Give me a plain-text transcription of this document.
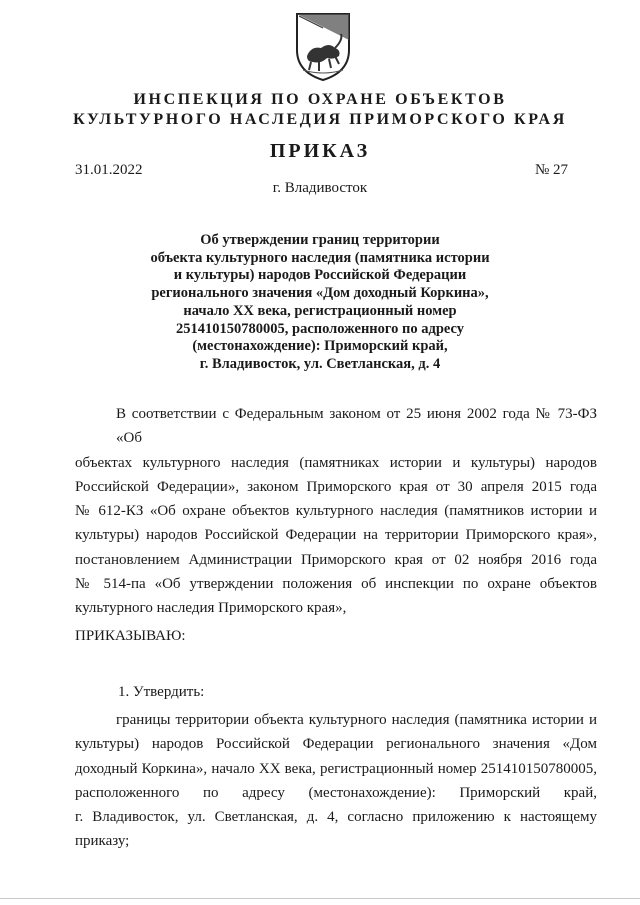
ИНСПЕКЦИЯ ПО ОХРАНЕ ОБЪЕКТОВ
КУЛЬТУРНОГО НАСЛЕДИЯ ПРИМОРСКОГО КРАЯ
ПРИКАЗ
31.01.2022	№ 27
г. Владивосток
Об утверждении границ территории
объекта культурного наследия (памятника истории
и культуры) народов Российской Федерации
регионального значения «Дом доходный Коркина»,
начало XX века, регистрационный номер
251410150780005, расположенного по адресу
(местонахождение): Приморский край,
г. Владивосток, ул. Светланская, д. 4
В соответствии с Федеральным законом от 25 июня 2002 года № 73-ФЗ «Об
объектах культурного наследия (памятниках истории и культуры) народов
Российской Федерации», законом Приморского края от 30 апреля 2015 года
№ 612-КЗ «Об охране объектов культурного наследия (памятников истории и
культуры) народов Российской Федерации на территории Приморского края»,
постановлением Администрации Приморского края от 02 ноября 2016 года
№ 514-па «Об утверждении положения об инспекции по охране объектов
культурного наследия Приморского края»,
ПРИКАЗЫВАЮ:
1. Утвердить:
границы территории объекта культурного наследия (памятника истории и
культуры) народов Российской Федерации регионального значения «Дом
доходный Коркина», начало XX века, регистрационный номер 251410150780005,
расположенного по адресу (местонахождение): Приморский край,
г. Владивосток, ул. Светланская, д. 4, согласно приложению к настоящему
приказу;
